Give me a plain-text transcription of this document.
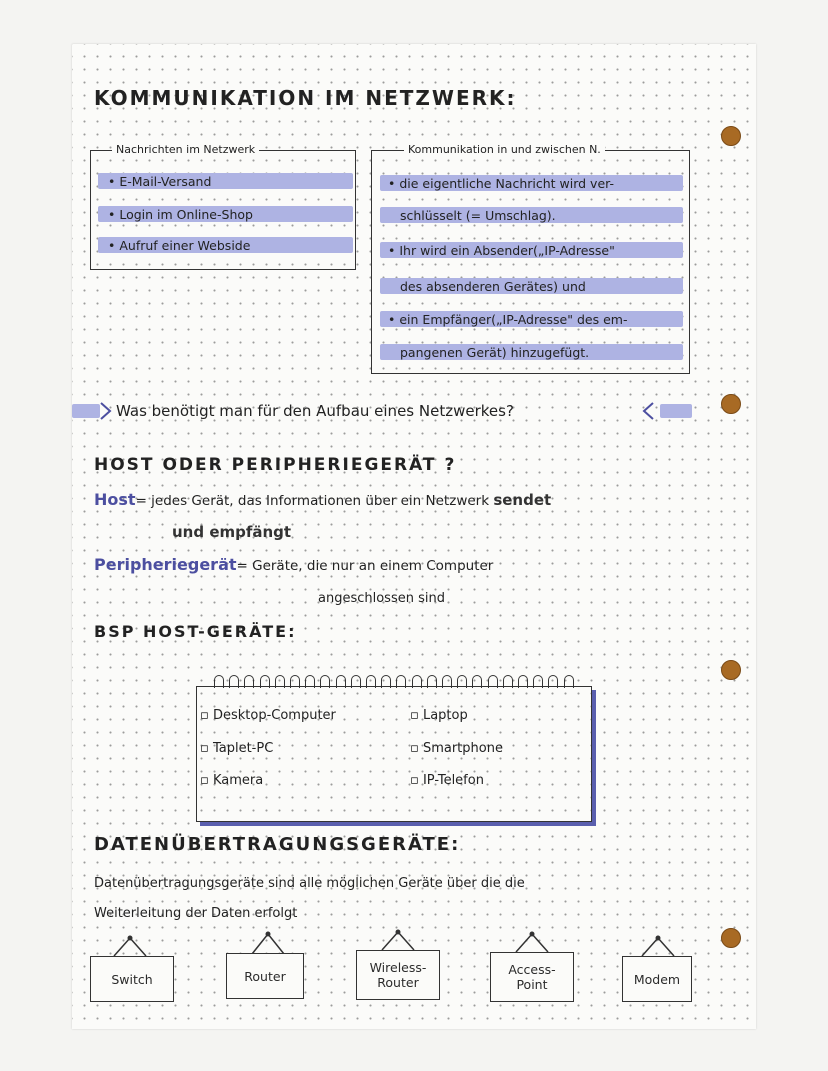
KOMMUNIKATION IM NETZWERK:
Nachrichten im Netzwerk
• E-Mail-Versand
• Login im Online-Shop
• Aufruf einer Webside
Kommunikation in und zwischen N.
• die eigentliche Nachricht wird ver-
schlüsselt (= Umschlag).
• Ihr wird ein Absender(„IP-Adresse"
des absenderen Gerätes) und
• ein Empfänger(„IP-Adresse" des em-
pangenen Gerät) hinzugefügt.
Was benötigt man für den Aufbau eines Netzwerkes?
HOST ODER PERIPHERIEGERÄT ?
Host= jedes Gerät, das Informationen über ein Netzwerk sendet
und empfängt
Peripheriegerät= Geräte, die nur an einem Computer
angeschlossen sind
BSP HOST-GERÄTE:
▫ Desktop-Computer
▫ Taplet-PC
▫ Kamera
▫ Laptop
▫ Smartphone
▫ IP-Telefon
DATENÜBERTRAGUNGSGERÄTE:
Datenübertragungsgeräte sind alle möglichen Geräte über die die
Weiterleitung der Daten erfolgt
Switch	Router
Wireless-
Router
Access-
Point	Modem
